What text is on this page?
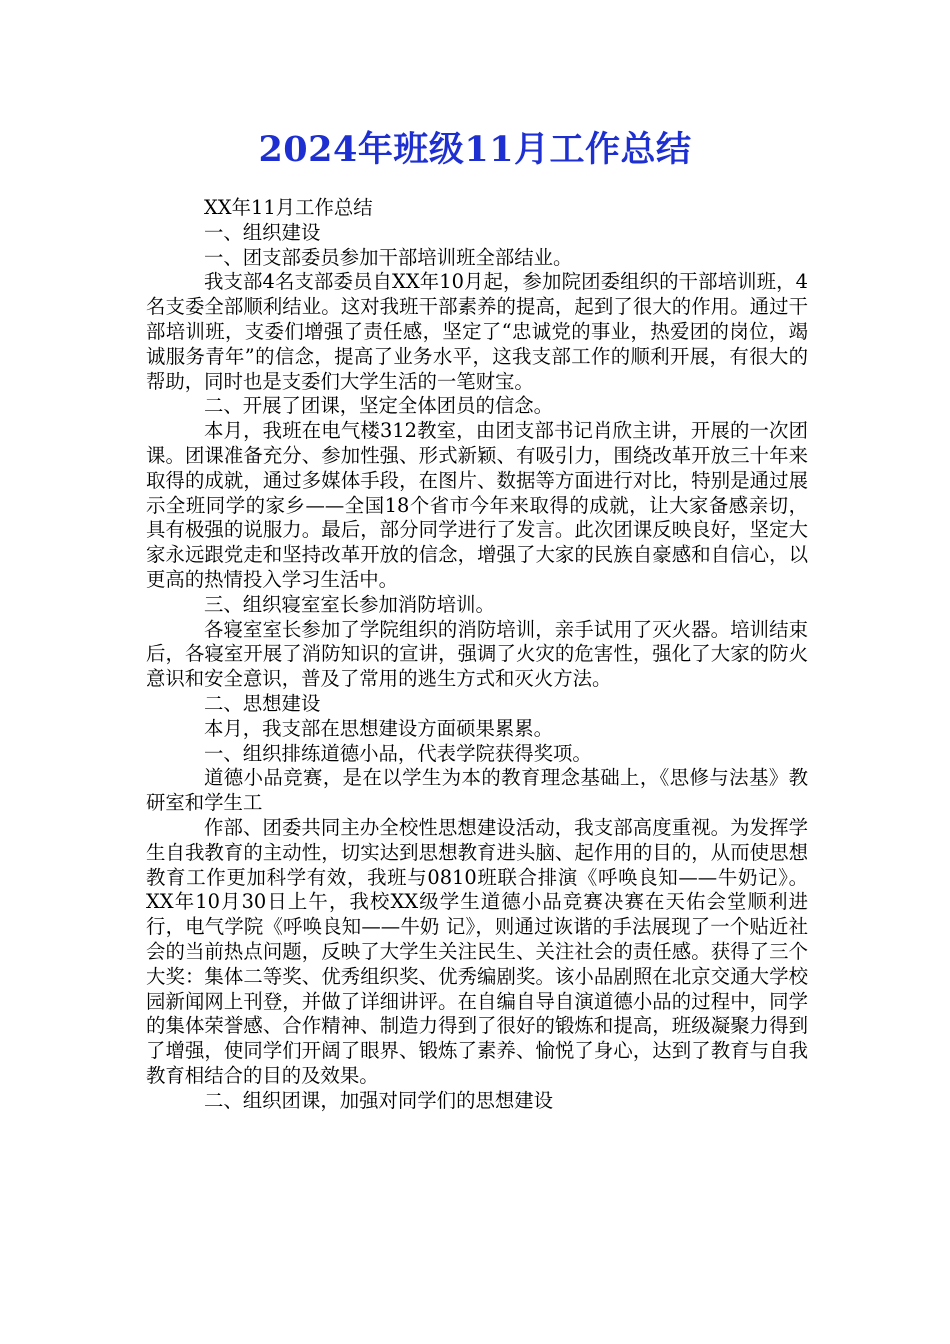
2024年班级11月工作总结

XX年11月工作总结

一、组织建设

一、团支部委员参加干部培训班全部结业。

我支部4名支部委员自XX年10月起，参加院团委组织的干部培训班，4名支委全部顺利结业。这对我班干部素养的提高，起到了很大的作用。通过干部培训班，支委们增强了责任感，坚定了“忠诚党的事业，热爱团的岗位，竭诚服务青年”的信念，提高了业务水平，这我支部工作的顺利开展，有很大的帮助，同时也是支委们大学生活的一笔财宝。

二、开展了团课，坚定全体团员的信念。

本月，我班在电气楼312教室，由团支部书记肖欣主讲，开展的一次团课。团课准备充分、参加性强、形式新颖、有吸引力，围绕改革开放三十年来取得的成就，通过多媒体手段，在图片、数据等方面进行对比，特别是通过展示全班同学的家乡——全国18个省市今年来取得的成就，让大家备感亲切，具有极强的说服力。最后，部分同学进行了发言。此次团课反映良好，坚定大家永远跟党走和坚持改革开放的信念，增强了大家的民族自豪感和自信心，以更高的热情投入学习生活中。

三、组织寝室室长参加消防培训。

各寝室室长参加了学院组织的消防培训，亲手试用了灭火器。培训结束后，各寝室开展了消防知识的宣讲，强调了火灾的危害性，强化了大家的防火意识和安全意识，普及了常用的逃生方式和灭火方法。

二、思想建设

本月，我支部在思想建设方面硕果累累。

一、组织排练道德小品，代表学院获得奖项。

道德小品竞赛，是在以学生为本的教育理念基础上，《思修与法基》教研室和学生工

作部、团委共同主办全校性思想建设活动，我支部高度重视。为发挥学生自我教育的主动性，切实达到思想教育进头脑、起作用的目的，从而使思想教育工作更加科学有效，我班与0810班联合排演《呼唤良知——牛奶记》。XX年10月30日上午，我校XX级学生道德小品竞赛决赛在天佑会堂顺利进行，电气学院《呼唤良知——牛奶 记》，则通过诙谐的手法展现了一个贴近社会的当前热点问题，反映了大学生关注民生、关注社会的责任感。获得了三个大奖：集体二等奖、优秀组织奖、优秀编剧奖。该小品剧照在北京交通大学校园新闻网上刊登，并做了详细讲评。在自编自导自演道德小品的过程中，同学的集体荣誉感、合作精神、制造力得到了很好的锻炼和提高，班级凝聚力得到了增强，使同学们开阔了眼界、锻炼了素养、愉悦了身心，达到了教育与自我教育相结合的目的及效果。

二、组织团课，加强对同学们的思想建设
